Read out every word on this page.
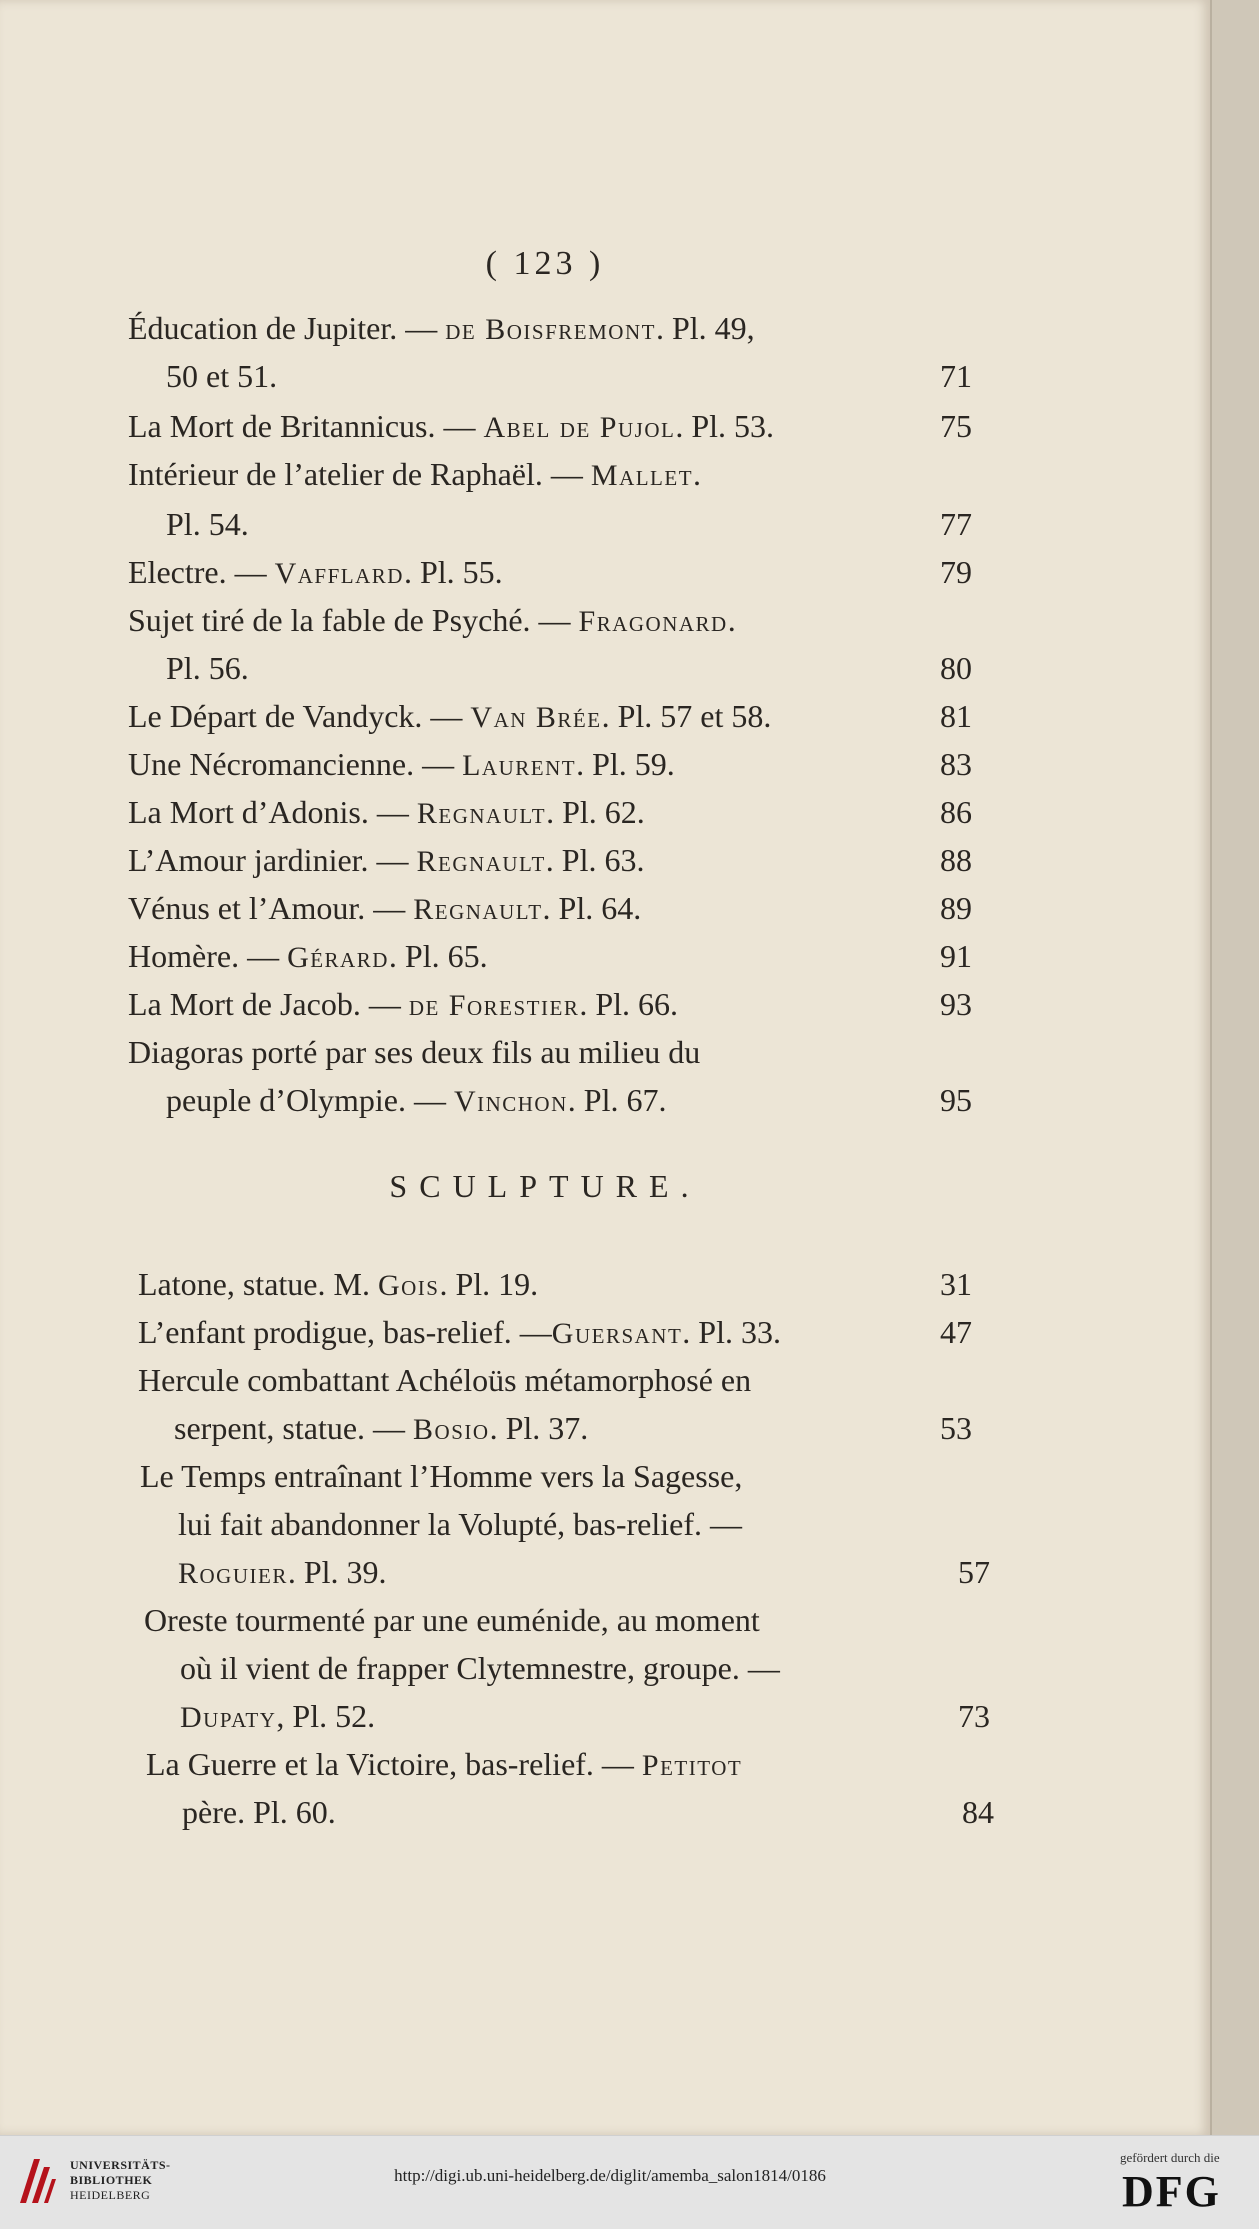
( 123 )
Éducation de Jupiter. — de Boisfremont. Pl. 49,
50 et 51.	71
La Mort de Britannicus. — Abel de Pujol. Pl. 53.	75
Intérieur de l’atelier de Raphaël. — Mallet.
Pl. 54.	77
Electre. — Vafflard. Pl. 55.	79
Sujet tiré de la fable de Psyché. — Fragonard.
Pl. 56.	80
Le Départ de Vandyck. — Van Brée. Pl. 57 et 58.	81
Une Nécromancienne. — Laurent. Pl. 59.	83
La Mort d’Adonis. — Regnault. Pl. 62.	86
L’Amour jardinier. — Regnault. Pl. 63.	88
Vénus et l’Amour. — Regnault. Pl. 64.	89
Homère. — Gérard. Pl. 65.	91
La Mort de Jacob. — de Forestier. Pl. 66.	93
Diagoras porté par ses deux fils au milieu du
peuple d’Olympie. — Vinchon. Pl. 67.	95
SCULPTURE.
Latone, statue. M. Gois. Pl. 19.	31
L’enfant prodigue, bas-relief. —Guersant. Pl. 33.	47
Hercule combattant Achéloüs métamorphosé en
serpent, statue. — Bosio. Pl. 37.	53
Le Temps entraînant l’Homme vers la Sagesse,
lui fait abandonner la Volupté, bas-relief. —
Roguier. Pl. 39.	57
Oreste tourmenté par une euménide, au moment
où il vient de frapper Clytemnestre, groupe. —
Dupaty, Pl. 52.	73
La Guerre et la Victoire, bas-relief. — Petitot
père. Pl. 60.	84
UNIVERSITÄTS-
BIBLIOTHEK
HEIDELBERG
http://digi.ub.uni-heidelberg.de/diglit/amemba_salon1814/0186
gefördert durch die
DFG
